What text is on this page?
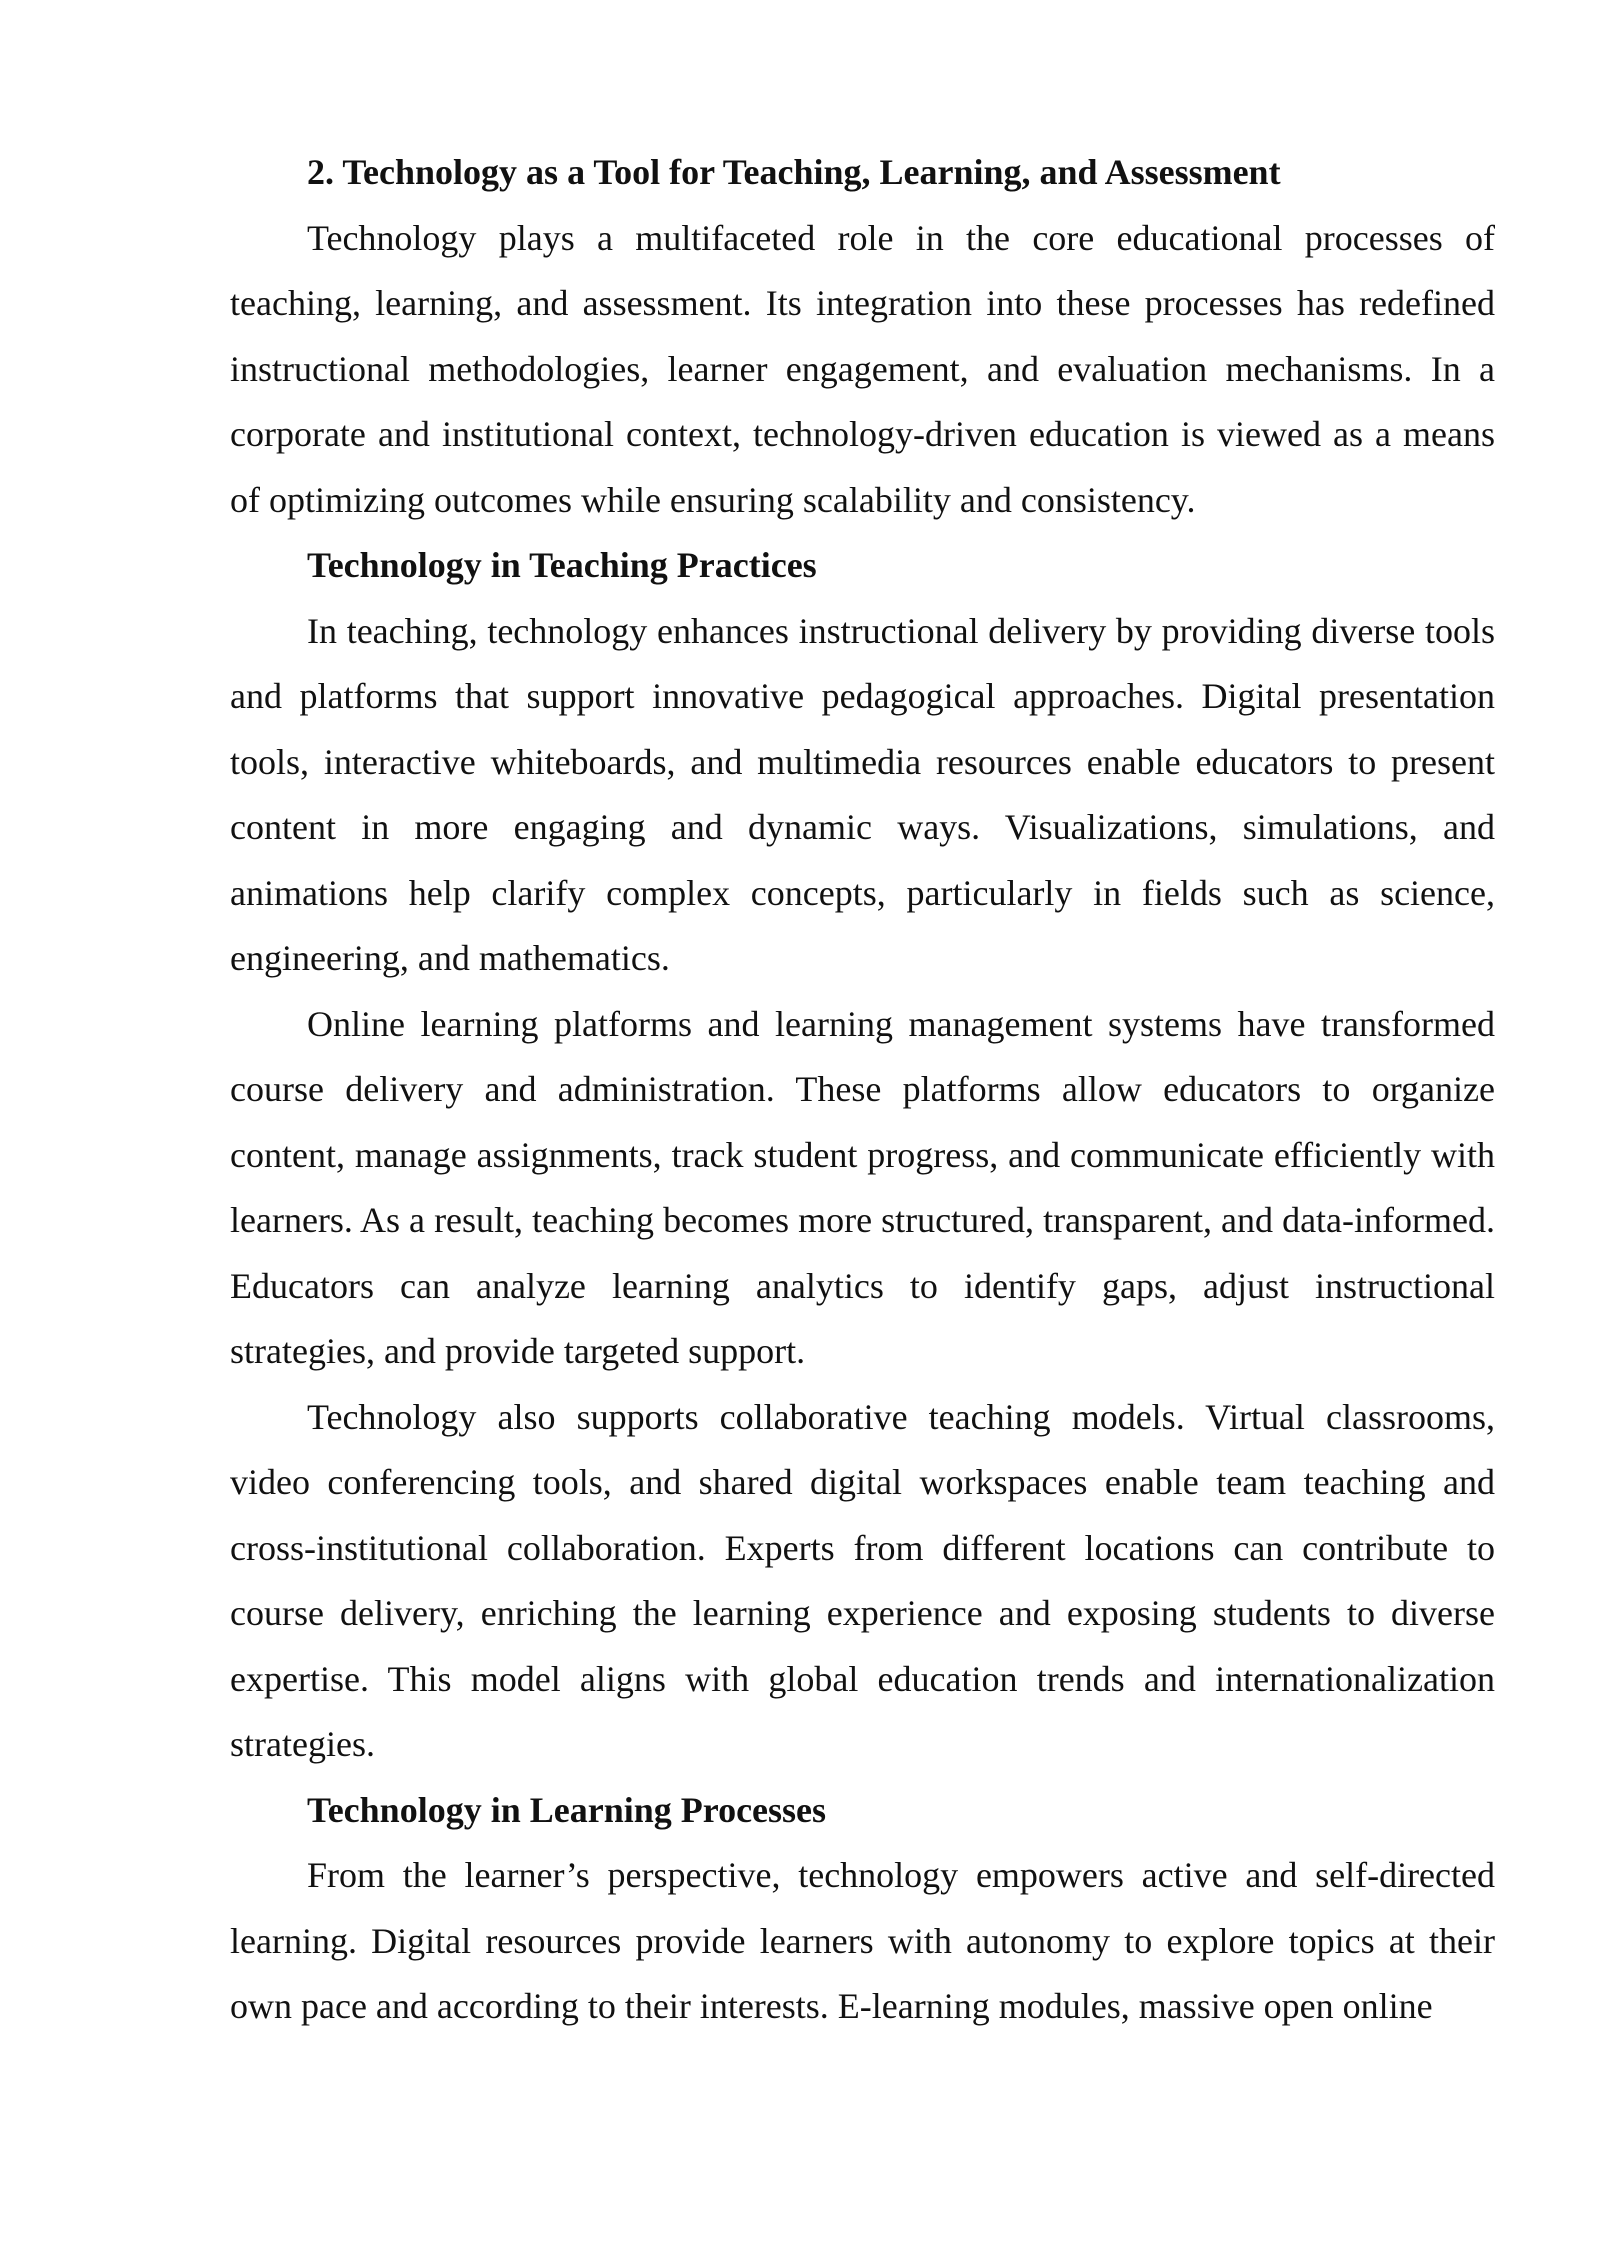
2. Technology as a Tool for Teaching, Learning, and Assessment

Technology plays a multifaceted role in the core educational processes of teaching, learning, and assessment. Its integration into these processes has redefined instructional methodologies, learner engagement, and evaluation mechanisms. In a corporate and institutional context, technology-driven education is viewed as a means of optimizing outcomes while ensuring scalability and consistency.

Technology in Teaching Practices

In teaching, technology enhances instructional delivery by providing diverse tools and platforms that support innovative pedagogical approaches. Digital presentation tools, interactive whiteboards, and multimedia resources enable educators to present content in more engaging and dynamic ways. Visualizations, simulations, and animations help clarify complex concepts, particularly in fields such as science, engineering, and mathematics.

Online learning platforms and learning management systems have transformed course delivery and administration. These platforms allow educators to organize content, manage assignments, track student progress, and communicate efficiently with learners. As a result, teaching becomes more structured, transparent, and data-informed. Educators can analyze learning analytics to identify gaps, adjust instructional strategies, and provide targeted support.

Technology also supports collaborative teaching models. Virtual classrooms, video conferencing tools, and shared digital workspaces enable team teaching and cross-institutional collaboration. Experts from different locations can contribute to course delivery, enriching the learning experience and exposing students to diverse expertise. This model aligns with global education trends and internationalization strategies.

Technology in Learning Processes

From the learner’s perspective, technology empowers active and self-directed learning. Digital resources provide learners with autonomy to explore topics at their own pace and according to their interests. E-learning modules, massive open online
